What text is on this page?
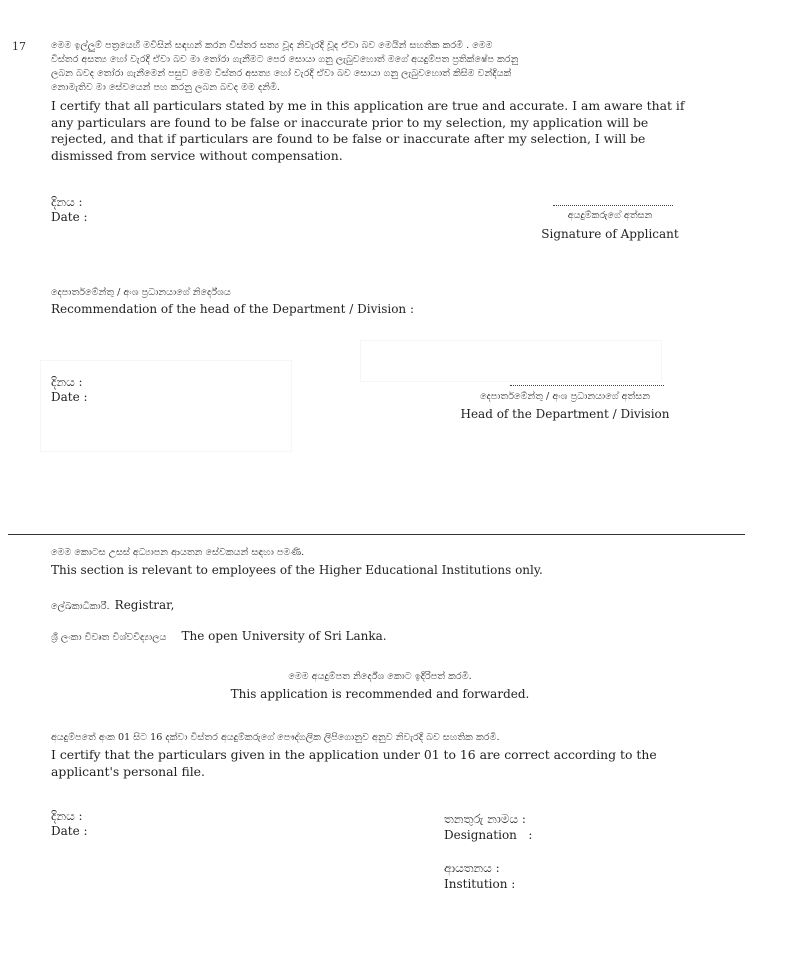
17	මෙම ඉල්ලුම් පත්‍රයෙහි මවිසින් සඳහන් කරන විස්තර සත්‍ය වූද නිවැරදි වූද ඒවා බව මෙයින් සහතික කරමි . මෙම
විස්තර අසත්‍ය හෝ වැරදි ඒවා බව මා තෝරා ගැනීමට පෙර සොයා ගනු ලැබුවහොත් මගේ අයදුම්පත ප්‍රතික්ෂේප කරනු
ලබන බවද තෝරා ගැනීමෙන් පසුව මෙම විස්තර අසත්‍ය හෝ වැරදි ඒවා බව සොයා ගනු ලැබුවහොත් කිසිම වන්දියක්
නොමැතිව මා සේවයෙන් පහ කරනු ලබන බවද මම දනිමි.
I certify that all particulars stated by me in this application are true and accurate. I am aware that if any particulars are found to be false or inaccurate prior to my selection, my application will be rejected, and that if particulars are found to be false or inaccurate after my selection, I will be dismissed from service without compensation.
දිනය :
Date :	අයදුම්කරුගේ අත්සන
Signature of Applicant
දෙපාර්තමේන්තු / අංශ ප්‍රධානයාගේ නිර්දේශය
Recommendation of the head of the Department / Division :
දිනය :
Date :	දෙපාර්තමේන්තු / අංශ ප්‍රධානයාගේ අත්සන
Head of the Department / Division
මෙම කොටස උසස් අධ්‍යාපන ආයතන සේවකයන් සඳහා පමණි.
This section is relevant to employees of the Higher Educational Institutions only.
ලේඛකාධිකාරී. Registrar,
ශ්‍රී ලංකා විවෘත විශ්වවිද්‍යාලය The open University of Sri Lanka.
මෙම අයදුම්පත නිර්දේශ කොට ඉදිරිපත් කරමි.
This application is recommended and forwarded.
අයදුම්පතේ අංක 01 සිට 16 දක්වා විස්තර අයදුම්කරුගේ පෞද්ගලික ලිපිගොනුව අනුව නිවැරදි බව සහතික කරමි.
I certify that the particulars given in the application under 01 to 16 are correct according to the applicant's personal file.
දිනය :
Date :
තනතුරු නාමය :
Designation   :
ආයතනය :
Institution :
